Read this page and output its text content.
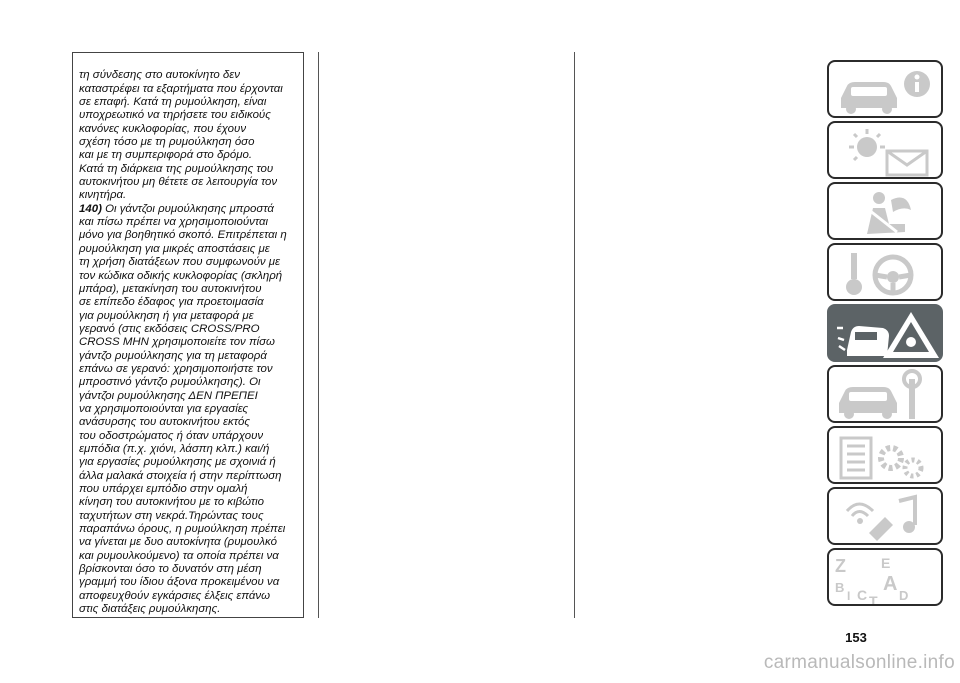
τη σύνδεσης στο αυτοκίνητο δεν
καταστρέφει τα εξαρτήματα που έρχονται
σε επαφή. Κατά τη ρυμούλκηση, είναι
υποχρεωτικό να τηρήσετε του ειδικούς
κανόνες κυκλοφορίας, που έχουν
σχέση τόσο με τη ρυμούλκηση όσο
και με τη συμπεριφορά στο δρόμο.
Κατά τη διάρκεια της ρυμούλκησης του
αυτοκινήτου μη θέτετε σε λειτουργία τον
κινητήρα.

140) Οι γάντζοι ρυμούλκησης μπροστά
και πίσω πρέπει να χρησιμοποιούνται
μόνο για βοηθητικό σκοπό. Επιτρέπεται η
ρυμούλκηση για μικρές αποστάσεις με
τη χρήση διατάξεων που συμφωνούν με
τον κώδικα οδικής κυκλοφορίας (σκληρή
μπάρα), μετακίνηση του αυτοκινήτου
σε επίπεδο έδαφος για προετοιμασία
για ρυμούλκηση ή για μεταφορά με
γερανό (στις εκδόσεις CROSS/PRO
CROSS ΜΗΝ χρησιμοποιείτε τον πίσω
γάντζο ρυμούλκησης για τη μεταφορά
επάνω σε γερανό: χρησιμοποιήστε τον
μπροστινό γάντζο ρυμούλκησης). Οι
γάντζοι ρυμούλκησης ΔΕΝ ΠΡΕΠΕΙ
να χρησιμοποιούνται για εργασίες
ανάσυρσης του αυτοκινήτου εκτός
του οδοστρώματος ή όταν υπάρχουν
εμπόδια (π.χ. χιόνι, λάσπη κλπ.) και/ή
για εργασίες ρυμούλκησης με σχοινιά ή
άλλα μαλακά στοιχεία ή στην περίπτωση
που υπάρχει εμπόδιο στην ομαλή
κίνηση του αυτοκινήτου με το κιβώτιο
ταχυτήτων στη νεκρά.Τηρώντας τους
παραπάνω όρους, η ρυμούλκηση πρέπει
να γίνεται με δυο αυτοκίνητα (ρυμουλκό
και ρυμουλκούμενο) τα οποία πρέπει να
βρίσκονται όσο το δυνατόν στη μέση
γραμμή του ίδιου άξονα προκειμένου να
αποφευχθούν εγκάρσιες έλξεις επάνω
στις διατάξεις ρυμούλκησης.

Z	E
B A
I C T D
153
carmanualsonline.info
